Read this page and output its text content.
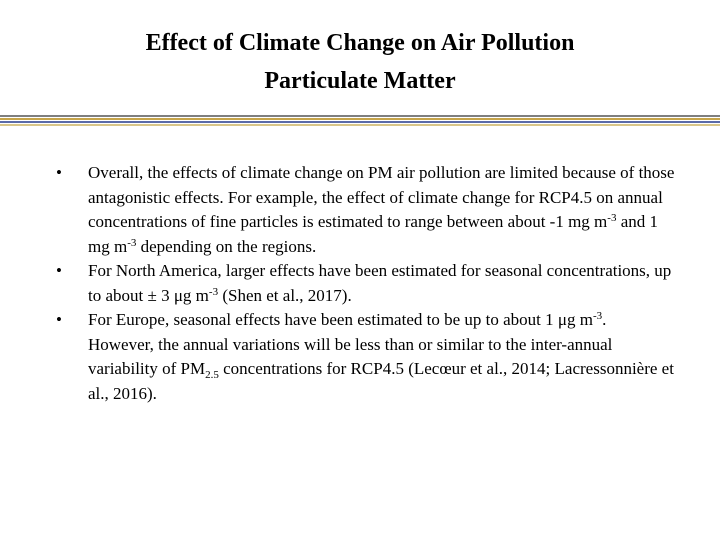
Effect of Climate Change on Air Pollution
Particulate Matter
• Overall, the effects of climate change on PM air pollution are limited because of those antagonistic effects. For example, the effect of climate change for RCP4.5 on annual concentrations of fine particles is estimated to range between about -1 mg $m^{-3}$ and 1 mg $m^{-3}$ depending on the regions.
• For North America, larger effects have been estimated for seasonal concentrations, up to about ± 3 μg $m^{-3}$ (Shen et al., 2017).
• For Europe, seasonal effects have been estimated to be up to about 1 μg $m^{-3}$. However, the annual variations will be less than or similar to the inter-annual variability of $PM_{2.5}$ concentrations for RCP4.5 (Lecœur et al., 2014; Lacressonnière et al., 2016).
